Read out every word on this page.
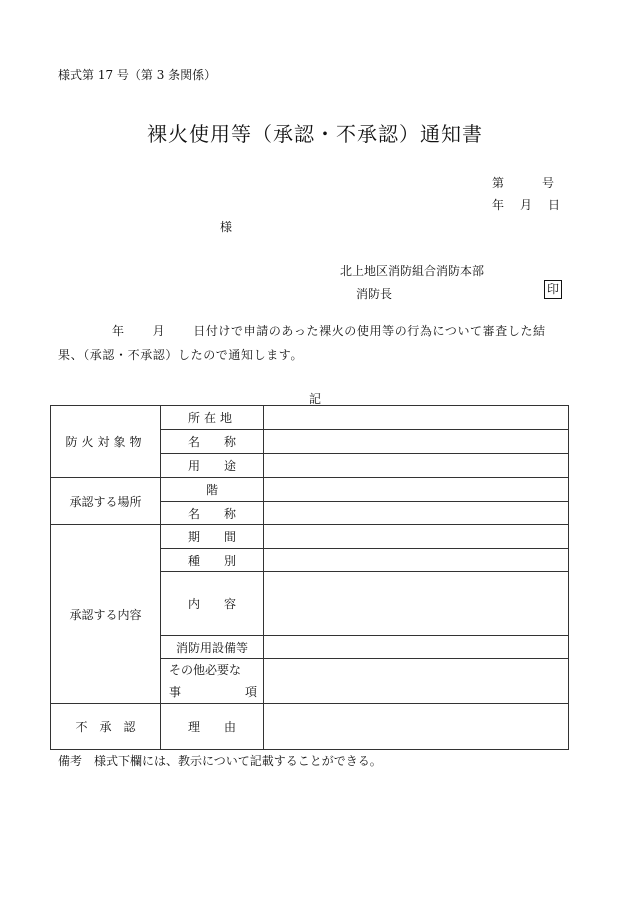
様式第 17 号（第 3 条関係）
裸火使用等（承認・不承認）通知書
第	号
年 月 日
様
北上地区消防組合消防本部
消防長	印
年 月 日付けで申請のあった裸火の使用等の行為について審査した結
果、（承認・不承認）したので通知します。
記
防火対象物	所在地	
	名　　称	
	用　　途	
承認する場所	階	
	名　　称	
承認する内容	期　　間	
	種　　別	
	内　　容	
	消防用設備等	

	その他必要な
事 項	

不　承　認	理　　由	
備考 様式下欄には、教示について記載することができる。
